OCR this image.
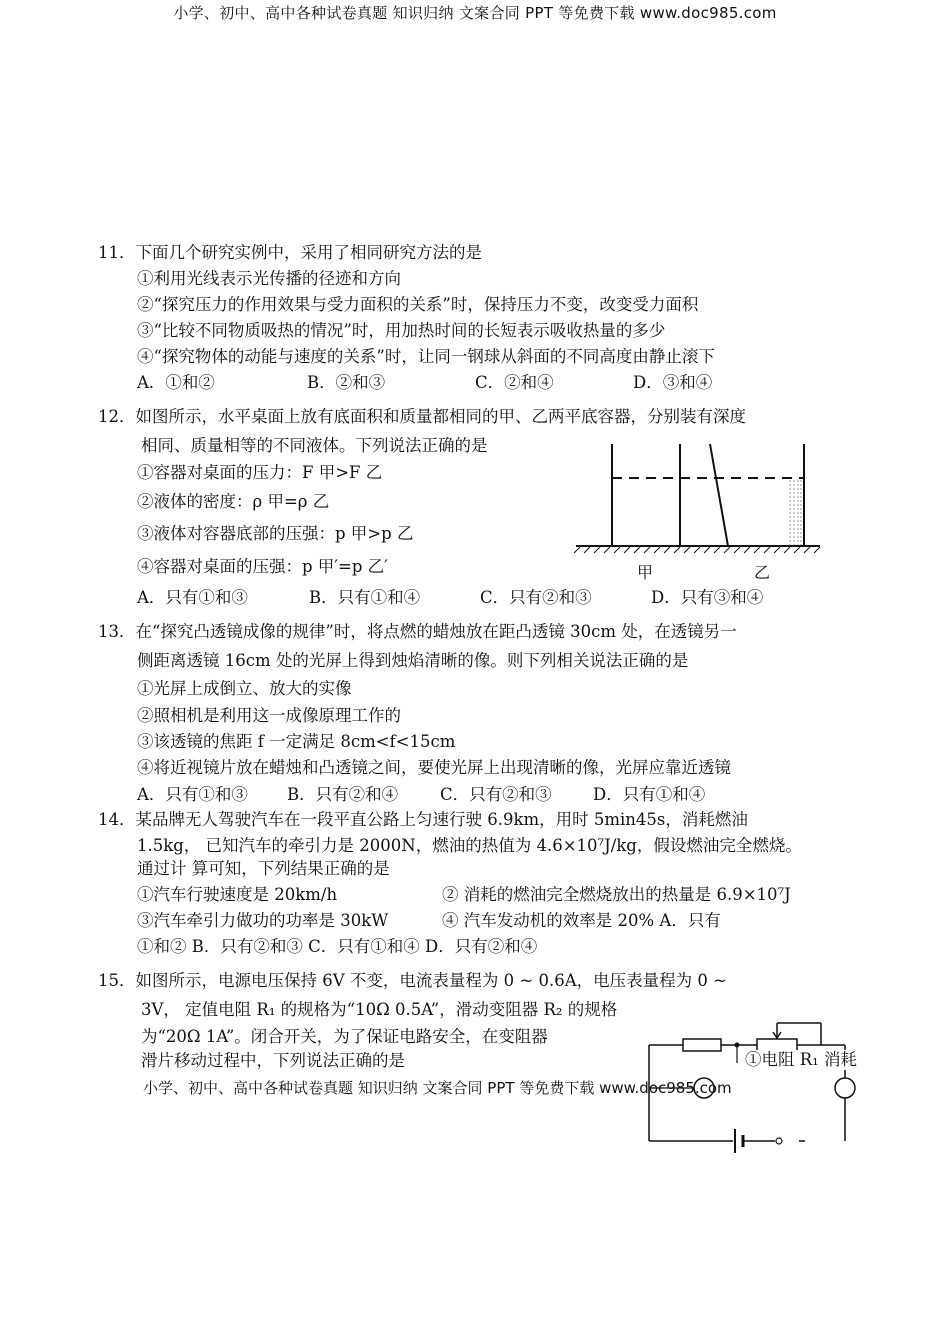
小学、初中、高中各种试卷真题 知识归纳 文案合同 PPT 等免费下载 www.doc985.com
11．下面几个研究实例中，采用了相同研究方法的是
①利用光线表示光传播的径迹和方向
②“探究压力的作用效果与受力面积的关系”时，保持压力不变，改变受力面积
③“比较不同物质吸热的情况”时，用加热时间的长短表示吸收热量的多少
④“探究物体的动能与速度的关系”时，让同一钢球从斜面的不同高度由静止滚下
A．①和②	B．②和③	C．②和④	D．③和④
12．如图所示，水平桌面上放有底面积和质量都相同的甲、乙两平底容器，分别装有深度
相同、质量相等的不同液体。下列说法正确的是
①容器对桌面的压力：F 甲>F 乙
②液体的密度：ρ 甲=ρ 乙
③液体对容器底部的压强：p 甲>p 乙
④容器对桌面的压强：p 甲′=p 乙′	甲	乙
A．只有①和③	B．只有①和④	C．只有②和③	D．只有③和④
13．在“探究凸透镜成像的规律”时，将点燃的蜡烛放在距凸透镜 30cm 处，在透镜另一
侧距离透镜 16cm 处的光屏上得到烛焰清晰的像。则下列相关说法正确的是
①光屏上成倒立、放大的实像
②照相机是利用这一成像原理工作的
③该透镜的焦距 f 一定满足 8cm<f<15cm
④将近视镜片放在蜡烛和凸透镜之间，要使光屏上出现清晰的像，光屏应靠近透镜
A．只有①和③ B．只有②和④	C．只有②和③	D．只有①和④
14．某品牌无人驾驶汽车在一段平直公路上匀速行驶 6.9km，用时 5min45s，消耗燃油
1.5kg， 已知汽车的牵引力是 2000N，燃油的热值为 4.6×10⁷J/kg，假设燃油完全燃烧。
通过计 算可知，下列结果正确的是
①汽车行驶速度是 20km/h	② 消耗的燃油完全燃烧放出的热量是 6.9×10⁷J
③汽车牵引力做功的功率是 30kW	④ 汽车发动机的效率是 20% A．只有
①和② B．只有②和③ C．只有①和④ D．只有②和④
15．如图所示，电源电压保持 6V 不变，电流表量程为 0 ~ 0.6A，电压表量程为 0 ~
3V， 定值电阻 R₁ 的规格为“10Ω 0.5A”，滑动变阻器 R₂ 的规格
为“20Ω 1A”。闭合开关，为了保证电路安全，在变阻器
滑片移动过程中，下列说法正确的是	①电阻 R₁ 消耗
小学、初中、高中各种试卷真题 知识归纳 文案合同 PPT 等免费下载 www.doc985.com
